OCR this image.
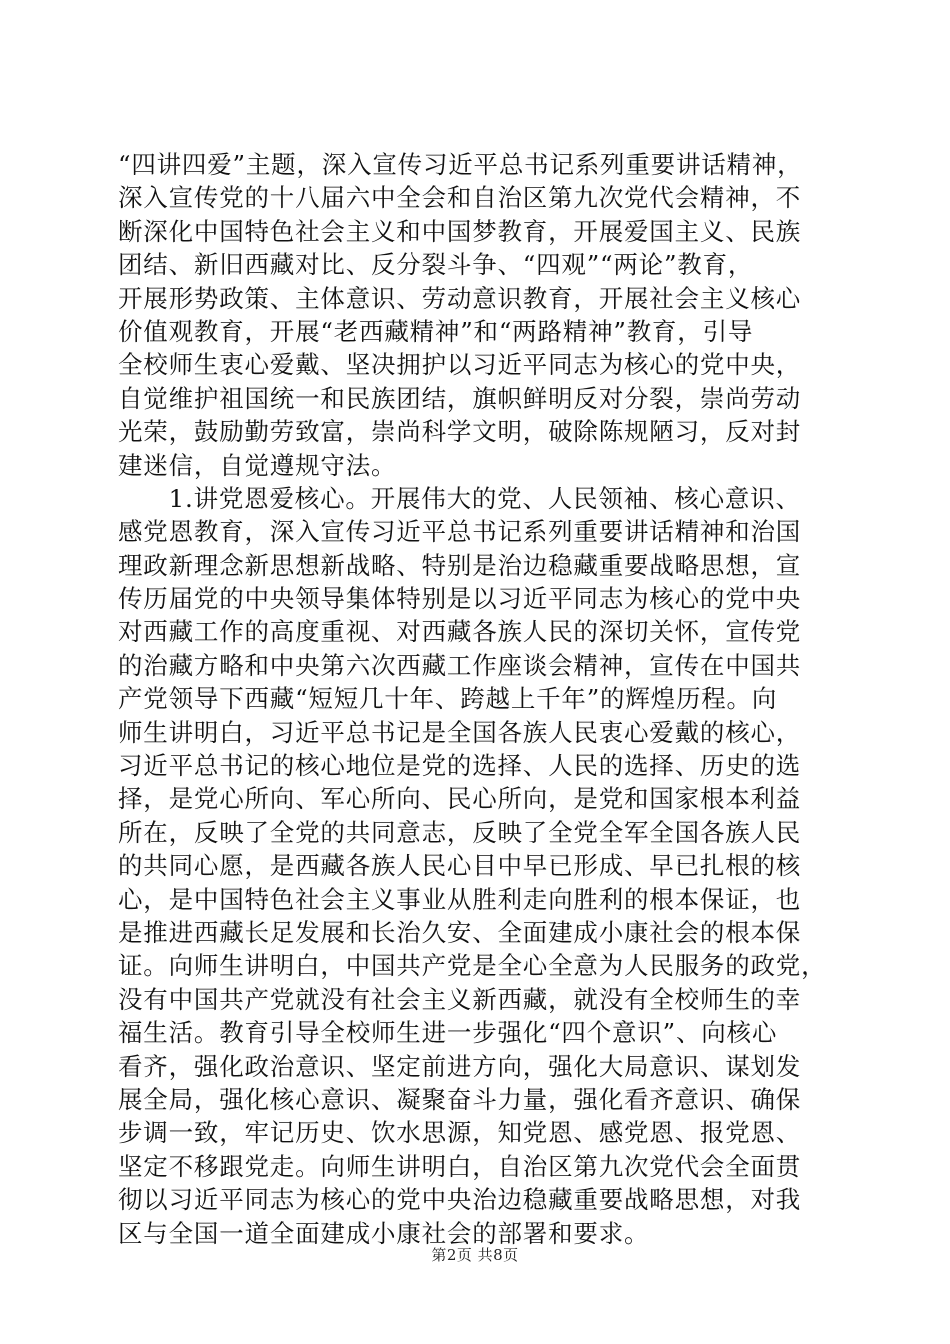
“四讲四爱”主题，深入宣传习近平总书记系列重要讲话精神，
深入宣传党的十八届六中全会和自治区第九次党代会精神，不
断深化中国特色社会主义和中国梦教育，开展爱国主义、民族
团结、新旧西藏对比、反分裂斗争、“四观”“两论”教育，
开展形势政策、主体意识、劳动意识教育，开展社会主义核心
价值观教育，开展“老西藏精神”和“两路精神”教育，引导
全校师生衷心爱戴、坚决拥护以习近平同志为核心的党中央，
自觉维护祖国统一和民族团结，旗帜鲜明反对分裂，崇尚劳动
光荣，鼓励勤劳致富，崇尚科学文明，破除陈规陋习，反对封
建迷信，自觉遵规守法。
　　1.讲党恩爱核心。开展伟大的党、人民领袖、核心意识、
感党恩教育，深入宣传习近平总书记系列重要讲话精神和治国
理政新理念新思想新战略、特别是治边稳藏重要战略思想，宣
传历届党的中央领导集体特别是以习近平同志为核心的党中央
对西藏工作的高度重视、对西藏各族人民的深切关怀，宣传党
的治藏方略和中央第六次西藏工作座谈会精神，宣传在中国共
产党领导下西藏“短短几十年、跨越上千年”的辉煌历程。向
师生讲明白，习近平总书记是全国各族人民衷心爱戴的核心，
习近平总书记的核心地位是党的选择、人民的选择、历史的选
择，是党心所向、军心所向、民心所向，是党和国家根本利益
所在，反映了全党的共同意志，反映了全党全军全国各族人民
的共同心愿，是西藏各族人民心目中早已形成、早已扎根的核
心，是中国特色社会主义事业从胜利走向胜利的根本保证，也
是推进西藏长足发展和长治久安、全面建成小康社会的根本保
证。向师生讲明白，中国共产党是全心全意为人民服务的政党，
没有中国共产党就没有社会主义新西藏，就没有全校师生的幸
福生活。教育引导全校师生进一步强化“四个意识”、向核心
看齐，强化政治意识、坚定前进方向，强化大局意识、谋划发
展全局，强化核心意识、凝聚奋斗力量，强化看齐意识、确保
步调一致，牢记历史、饮水思源，知党恩、感党恩、报党恩、
坚定不移跟党走。向师生讲明白，自治区第九次党代会全面贯
彻以习近平同志为核心的党中央治边稳藏重要战略思想，对我
区与全国一道全面建成小康社会的部署和要求。
第2页 共8页
